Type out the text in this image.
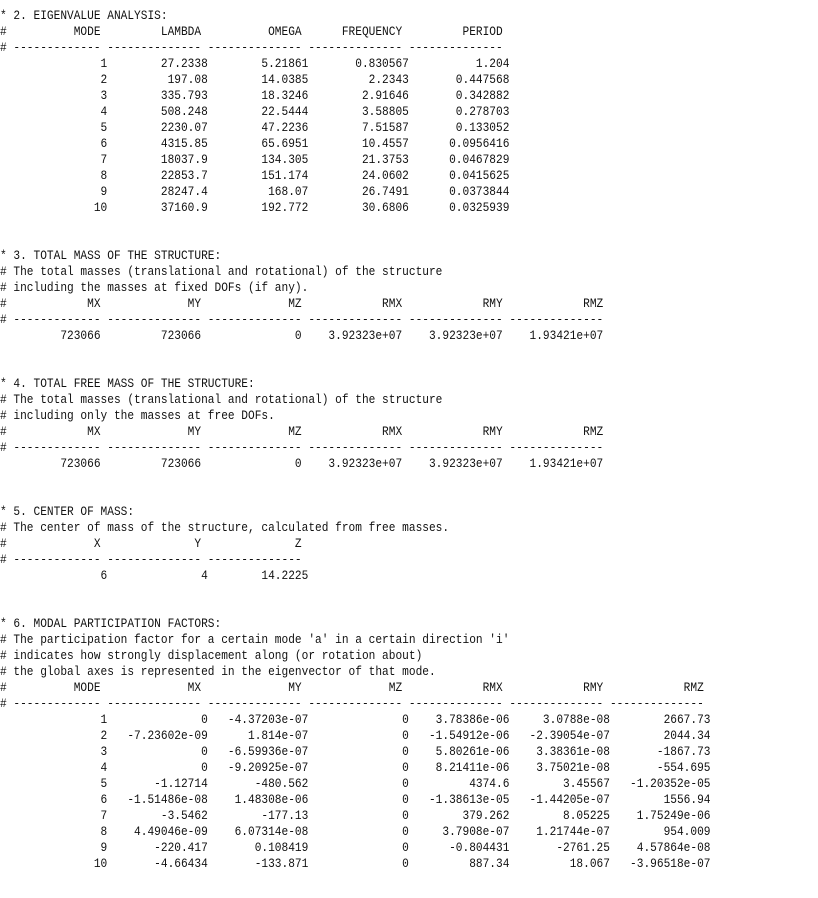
* 2. EIGENVALUE ANALYSIS:
#          MODE         LAMBDA          OMEGA      FREQUENCY         PERIOD
# ------------- -------------- -------------- -------------- --------------
1        27.2338        5.21861       0.830567          1.204
2         197.08        14.0385         2.2343       0.447568
3        335.793        18.3246        2.91646       0.342882
4        508.248        22.5444        3.58805       0.278703
5        2230.07        47.2236        7.51587       0.133052
6        4315.85        65.6951        10.4557      0.0956416
7        18037.9        134.305        21.3753      0.0467829
8        22853.7        151.174        24.0602      0.0415625
9        28247.4         168.07        26.7491      0.0373844
10        37160.9        192.772        30.6806      0.0325939
* 3. TOTAL MASS OF THE STRUCTURE:
# The total masses (translational and rotational) of the structure
# including the masses at fixed DOFs (if any).
#            MX             MY             MZ            RMX            RMY            RMZ
# ------------- -------------- -------------- -------------- -------------- --------------
723066         723066              0    3.92323e+07    3.92323e+07    1.93421e+07
* 4. TOTAL FREE MASS OF THE STRUCTURE:
# The total masses (translational and rotational) of the structure
# including only the masses at free DOFs.
#            MX             MY             MZ            RMX            RMY            RMZ
# ------------- -------------- -------------- -------------- -------------- --------------
723066         723066              0    3.92323e+07    3.92323e+07    1.93421e+07
* 5. CENTER OF MASS:
# The center of mass of the structure, calculated from free masses.
#             X              Y              Z
# ------------- -------------- --------------
6              4        14.2225
* 6. MODAL PARTICIPATION FACTORS:
# The participation factor for a certain mode 'a' in a certain direction 'i'
# indicates how strongly displacement along (or rotation about)
# the global axes is represented in the eigenvector of that mode.
#          MODE             MX             MY             MZ            RMX            RMY            RMZ
# ------------- -------------- -------------- -------------- -------------- -------------- --------------
1              0   -4.37203e-07              0    3.78386e-06     3.0788e-08        2667.73
2   -7.23602e-09      1.814e-07              0   -1.54912e-06   -2.39054e-07        2044.34
3              0   -6.59936e-07              0    5.80261e-06    3.38361e-08       -1867.73
4              0   -9.20925e-07              0    8.21411e-06    3.75021e-08       -554.695
5       -1.12714       -480.562              0         4374.6        3.45567   -1.20352e-05
6   -1.51486e-08    1.48308e-06              0   -1.38613e-05   -1.44205e-07        1556.94
7        -3.5462        -177.13              0        379.262        8.05225    1.75249e-06
8    4.49046e-09    6.07314e-08              0     3.7908e-07    1.21744e-07        954.009
9       -220.417       0.108419              0      -0.804431       -2761.25    4.57864e-08
10       -4.66434       -133.871              0         887.34         18.067   -3.96518e-07
